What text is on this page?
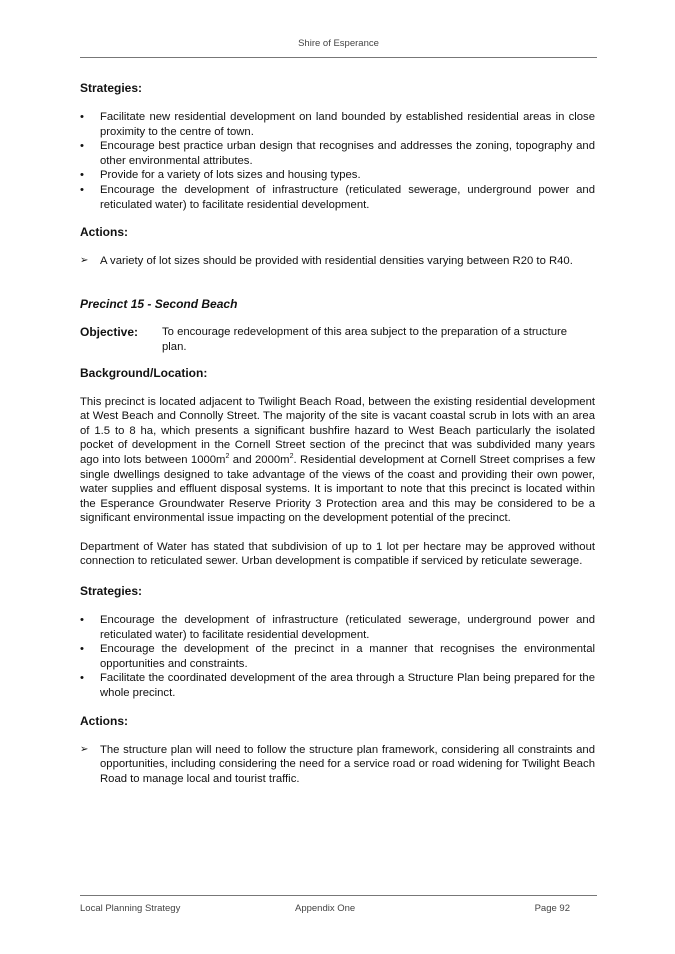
Shire of Esperance
Strategies:
• Facilitate new residential development on land bounded by established residential areas in close proximity to the centre of town.
• Encourage best practice urban design that recognises and addresses the zoning, topography and other environmental attributes.
• Provide for a variety of lots sizes and housing types.
• Encourage the development of infrastructure (reticulated sewerage, underground power and reticulated water) to facilitate residential development.
Actions:
➢ A variety of lot sizes should be provided with residential densities varying between R20 to R40.
Precinct 15 - Second Beach
Objective:	To encourage redevelopment of this area subject to the preparation of a structure plan.
Background/Location:

This precinct is located adjacent to Twilight Beach Road, between the existing residential development at West Beach and Connolly Street. The majority of the site is vacant coastal scrub in lots with an area of 1.5 to 8 ha, which presents a significant bushfire hazard to West Beach particularly the isolated pocket of development in the Cornell Street section of the precinct that was subdivided many years ago into lots between $1000m^2$ and $2000m^2$. Residential development at Cornell Street comprises a few single dwellings designed to take advantage of the views of the coast and providing their own power, water supplies and effluent disposal systems. It is important to note that this precinct is located within the Esperance Groundwater Reserve Priority 3 Protection area and this may be considered to be a significant environmental issue impacting on the development potential of the precinct.

Department of Water has stated that subdivision of up to 1 lot per hectare may be approved without connection to reticulated sewer. Urban development is compatible if serviced by reticulate sewerage.

Strategies:
• Encourage the development of infrastructure (reticulated sewerage, underground power and reticulated water) to facilitate residential development.
• Encourage the development of the precinct in a manner that recognises the environmental opportunities and constraints.
• Facilitate the coordinated development of the area through a Structure Plan being prepared for the whole precinct.
Actions:
➢ The structure plan will need to follow the structure plan framework, considering all constraints and opportunities, including considering the need for a service road or road widening for Twilight Beach Road to manage local and tourist traffic.
Local Planning Strategy	Appendix One	Page 92
